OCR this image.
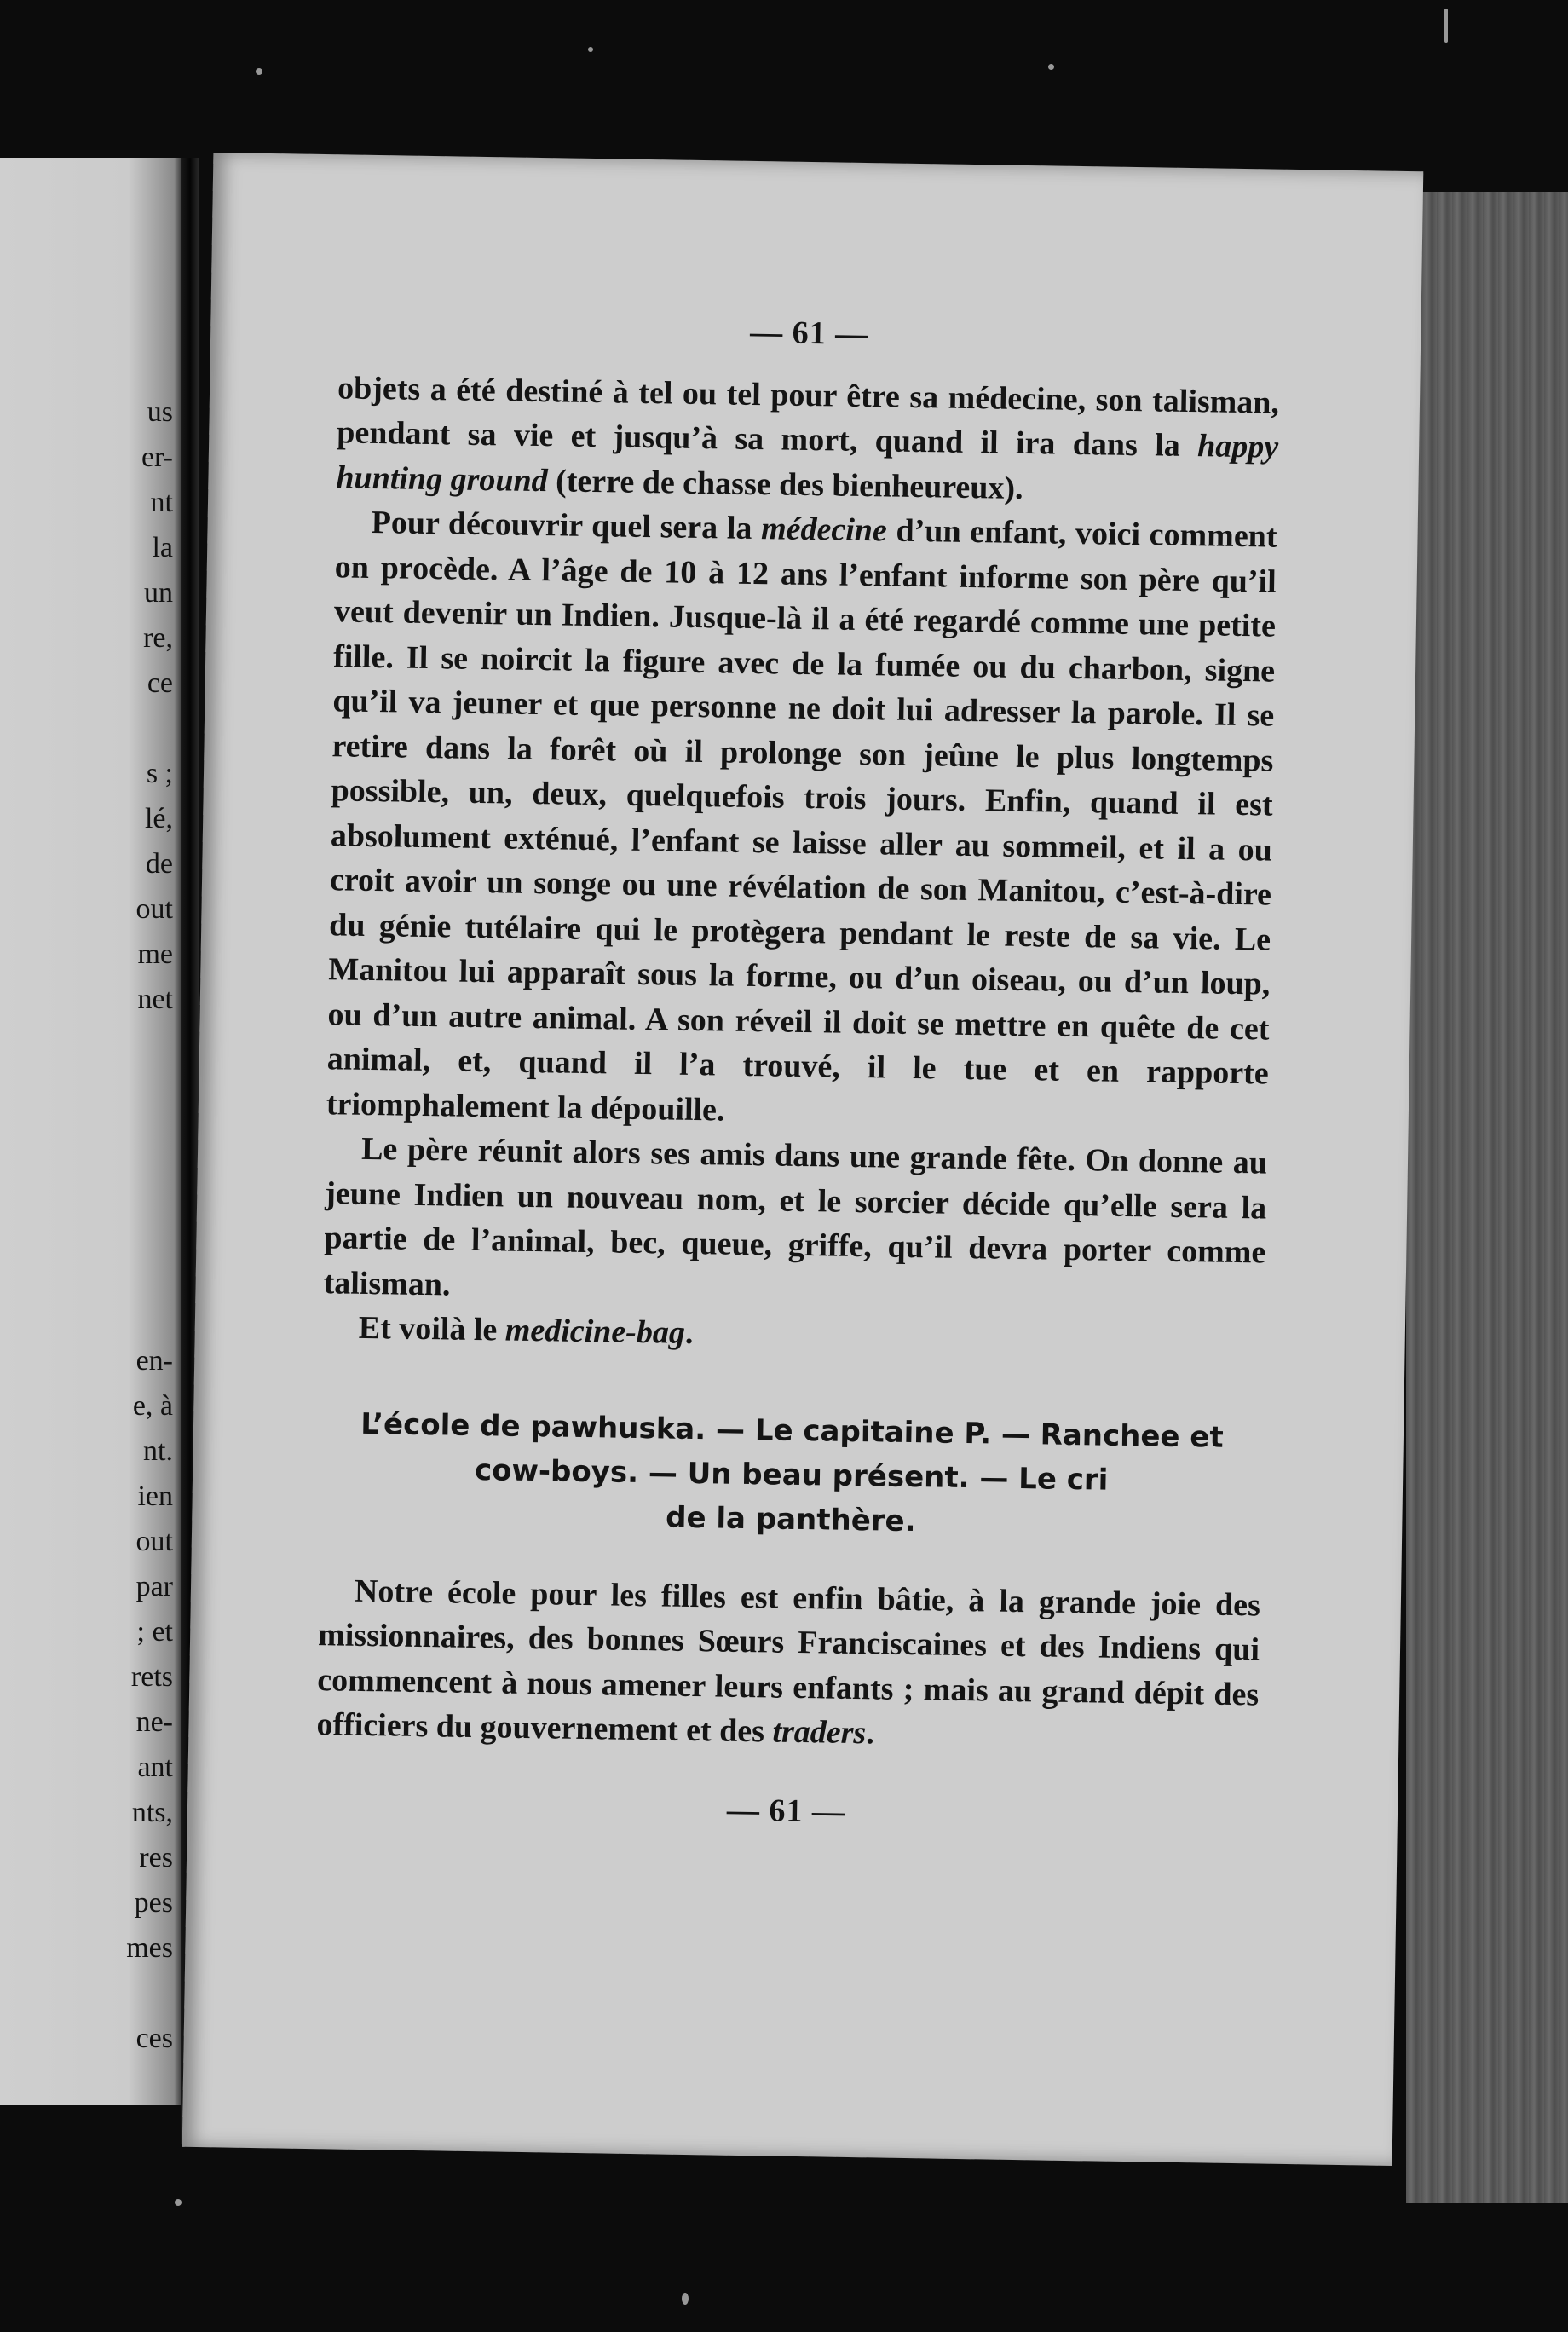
us
er-
nt
la
un
re,
ce
s ;
lé,
de
out
me
net
en-
e, à
nt.
ien
out
par
; et
rets
ne-
ant
nts,
res
pes
mes
ces
— 61 —

objets a été destiné à tel ou tel pour être sa médecine, son talisman, pendant sa vie et jusqu’à sa mort, quand il ira dans la happy hunting ground (terre de chasse des bienheureux).

Pour découvrir quel sera la médecine d’un enfant, voici comment on procède. A l’âge de 10 à 12 ans l’enfant informe son père qu’il veut devenir un Indien. Jusque-là il a été regardé comme une petite fille. Il se noircit la figure avec de la fumée ou du charbon, signe qu’il va jeuner et que personne ne doit lui adresser la parole. Il se retire dans la forêt où il prolonge son jeûne le plus longtemps possible, un, deux, quelquefois trois jours. Enfin, quand il est absolument exténué, l’enfant se laisse aller au sommeil, et il a ou croit avoir un songe ou une révélation de son Manitou, c’est-à-dire du génie tutélaire qui le protègera pendant le reste de sa vie. Le Manitou lui apparaît sous la forme, ou d’un oiseau, ou d’un loup, ou d’un autre animal. A son réveil il doit se mettre en quête de cet animal, et, quand il l’a trouvé, il le tue et en rapporte triomphalement la dépouille.

Le père réunit alors ses amis dans une grande fête. On donne au jeune Indien un nouveau nom, et le sorcier décide qu’elle sera la partie de l’animal, bec, queue, griffe, qu’il devra porter comme talisman.

Et voilà le medicine-bag.

L’école de pawhuska. — Le capitaine P. — Ranchee et
cow-boys. — Un beau présent. — Le cri
de la panthère.

Notre école pour les filles est enfin bâtie, à la grande joie des missionnaires, des bonnes Sœurs Franciscaines et des Indiens qui commencent à nous amener leurs enfants ; mais au grand dépit des officiers du gouvernement et des traders.

— 61 —
